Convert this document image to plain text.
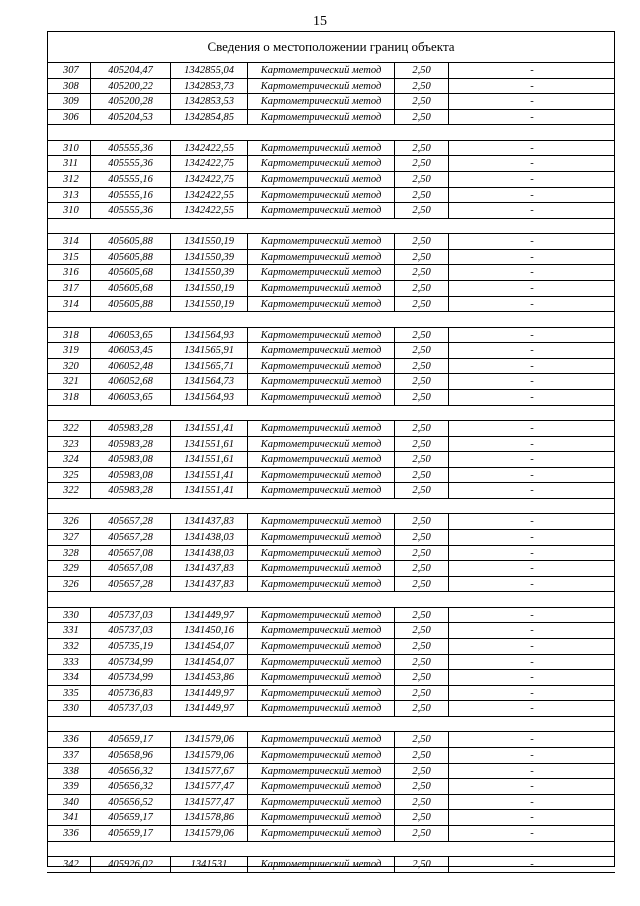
15
Сведения о местоположении границ объекта
307	405204,47	1342855,04	Картометрический метод	2,50	-
308	405200,22	1342853,73	Картометрический метод	2,50	-
309	405200,28	1342853,53	Картометрический метод	2,50	-
306	405204,53	1342854,85	Картометрический метод	2,50	-
310	405555,36	1342422,55	Картометрический метод	2,50	-
311	405555,36	1342422,75	Картометрический метод	2,50	-
312	405555,16	1342422,75	Картометрический метод	2,50	-
313	405555,16	1342422,55	Картометрический метод	2,50	-
310	405555,36	1342422,55	Картометрический метод	2,50	-
314	405605,88	1341550,19	Картометрический метод	2,50	-
315	405605,88	1341550,39	Картометрический метод	2,50	-
316	405605,68	1341550,39	Картометрический метод	2,50	-
317	405605,68	1341550,19	Картометрический метод	2,50	-
314	405605,88	1341550,19	Картометрический метод	2,50	-
318	406053,65	1341564,93	Картометрический метод	2,50	-
319	406053,45	1341565,91	Картометрический метод	2,50	-
320	406052,48	1341565,71	Картометрический метод	2,50	-
321	406052,68	1341564,73	Картометрический метод	2,50	-
318	406053,65	1341564,93	Картометрический метод	2,50	-
322	405983,28	1341551,41	Картометрический метод	2,50	-
323	405983,28	1341551,61	Картометрический метод	2,50	-
324	405983,08	1341551,61	Картометрический метод	2,50	-
325	405983,08	1341551,41	Картометрический метод	2,50	-
322	405983,28	1341551,41	Картометрический метод	2,50	-
326	405657,28	1341437,83	Картометрический метод	2,50	-
327	405657,28	1341438,03	Картометрический метод	2,50	-
328	405657,08	1341438,03	Картометрический метод	2,50	-
329	405657,08	1341437,83	Картометрический метод	2,50	-
326	405657,28	1341437,83	Картометрический метод	2,50	-
330	405737,03	1341449,97	Картометрический метод	2,50	-
331	405737,03	1341450,16	Картометрический метод	2,50	-
332	405735,19	1341454,07	Картометрический метод	2,50	-
333	405734,99	1341454,07	Картометрический метод	2,50	-
334	405734,99	1341453,86	Картометрический метод	2,50	-
335	405736,83	1341449,97	Картометрический метод	2,50	-
330	405737,03	1341449,97	Картометрический метод	2,50	-
336	405659,17	1341579,06	Картометрический метод	2,50	-
337	405658,96	1341579,06	Картометрический метод	2,50	-
338	405656,32	1341577,67	Картометрический метод	2,50	-
339	405656,32	1341577,47	Картометрический метод	2,50	-
340	405656,52	1341577,47	Картометрический метод	2,50	-
341	405659,17	1341578,86	Картометрический метод	2,50	-
336	405659,17	1341579,06	Картометрический метод	2,50	-
342	405926,02	1341531	Картометрический метод	2,50	-
